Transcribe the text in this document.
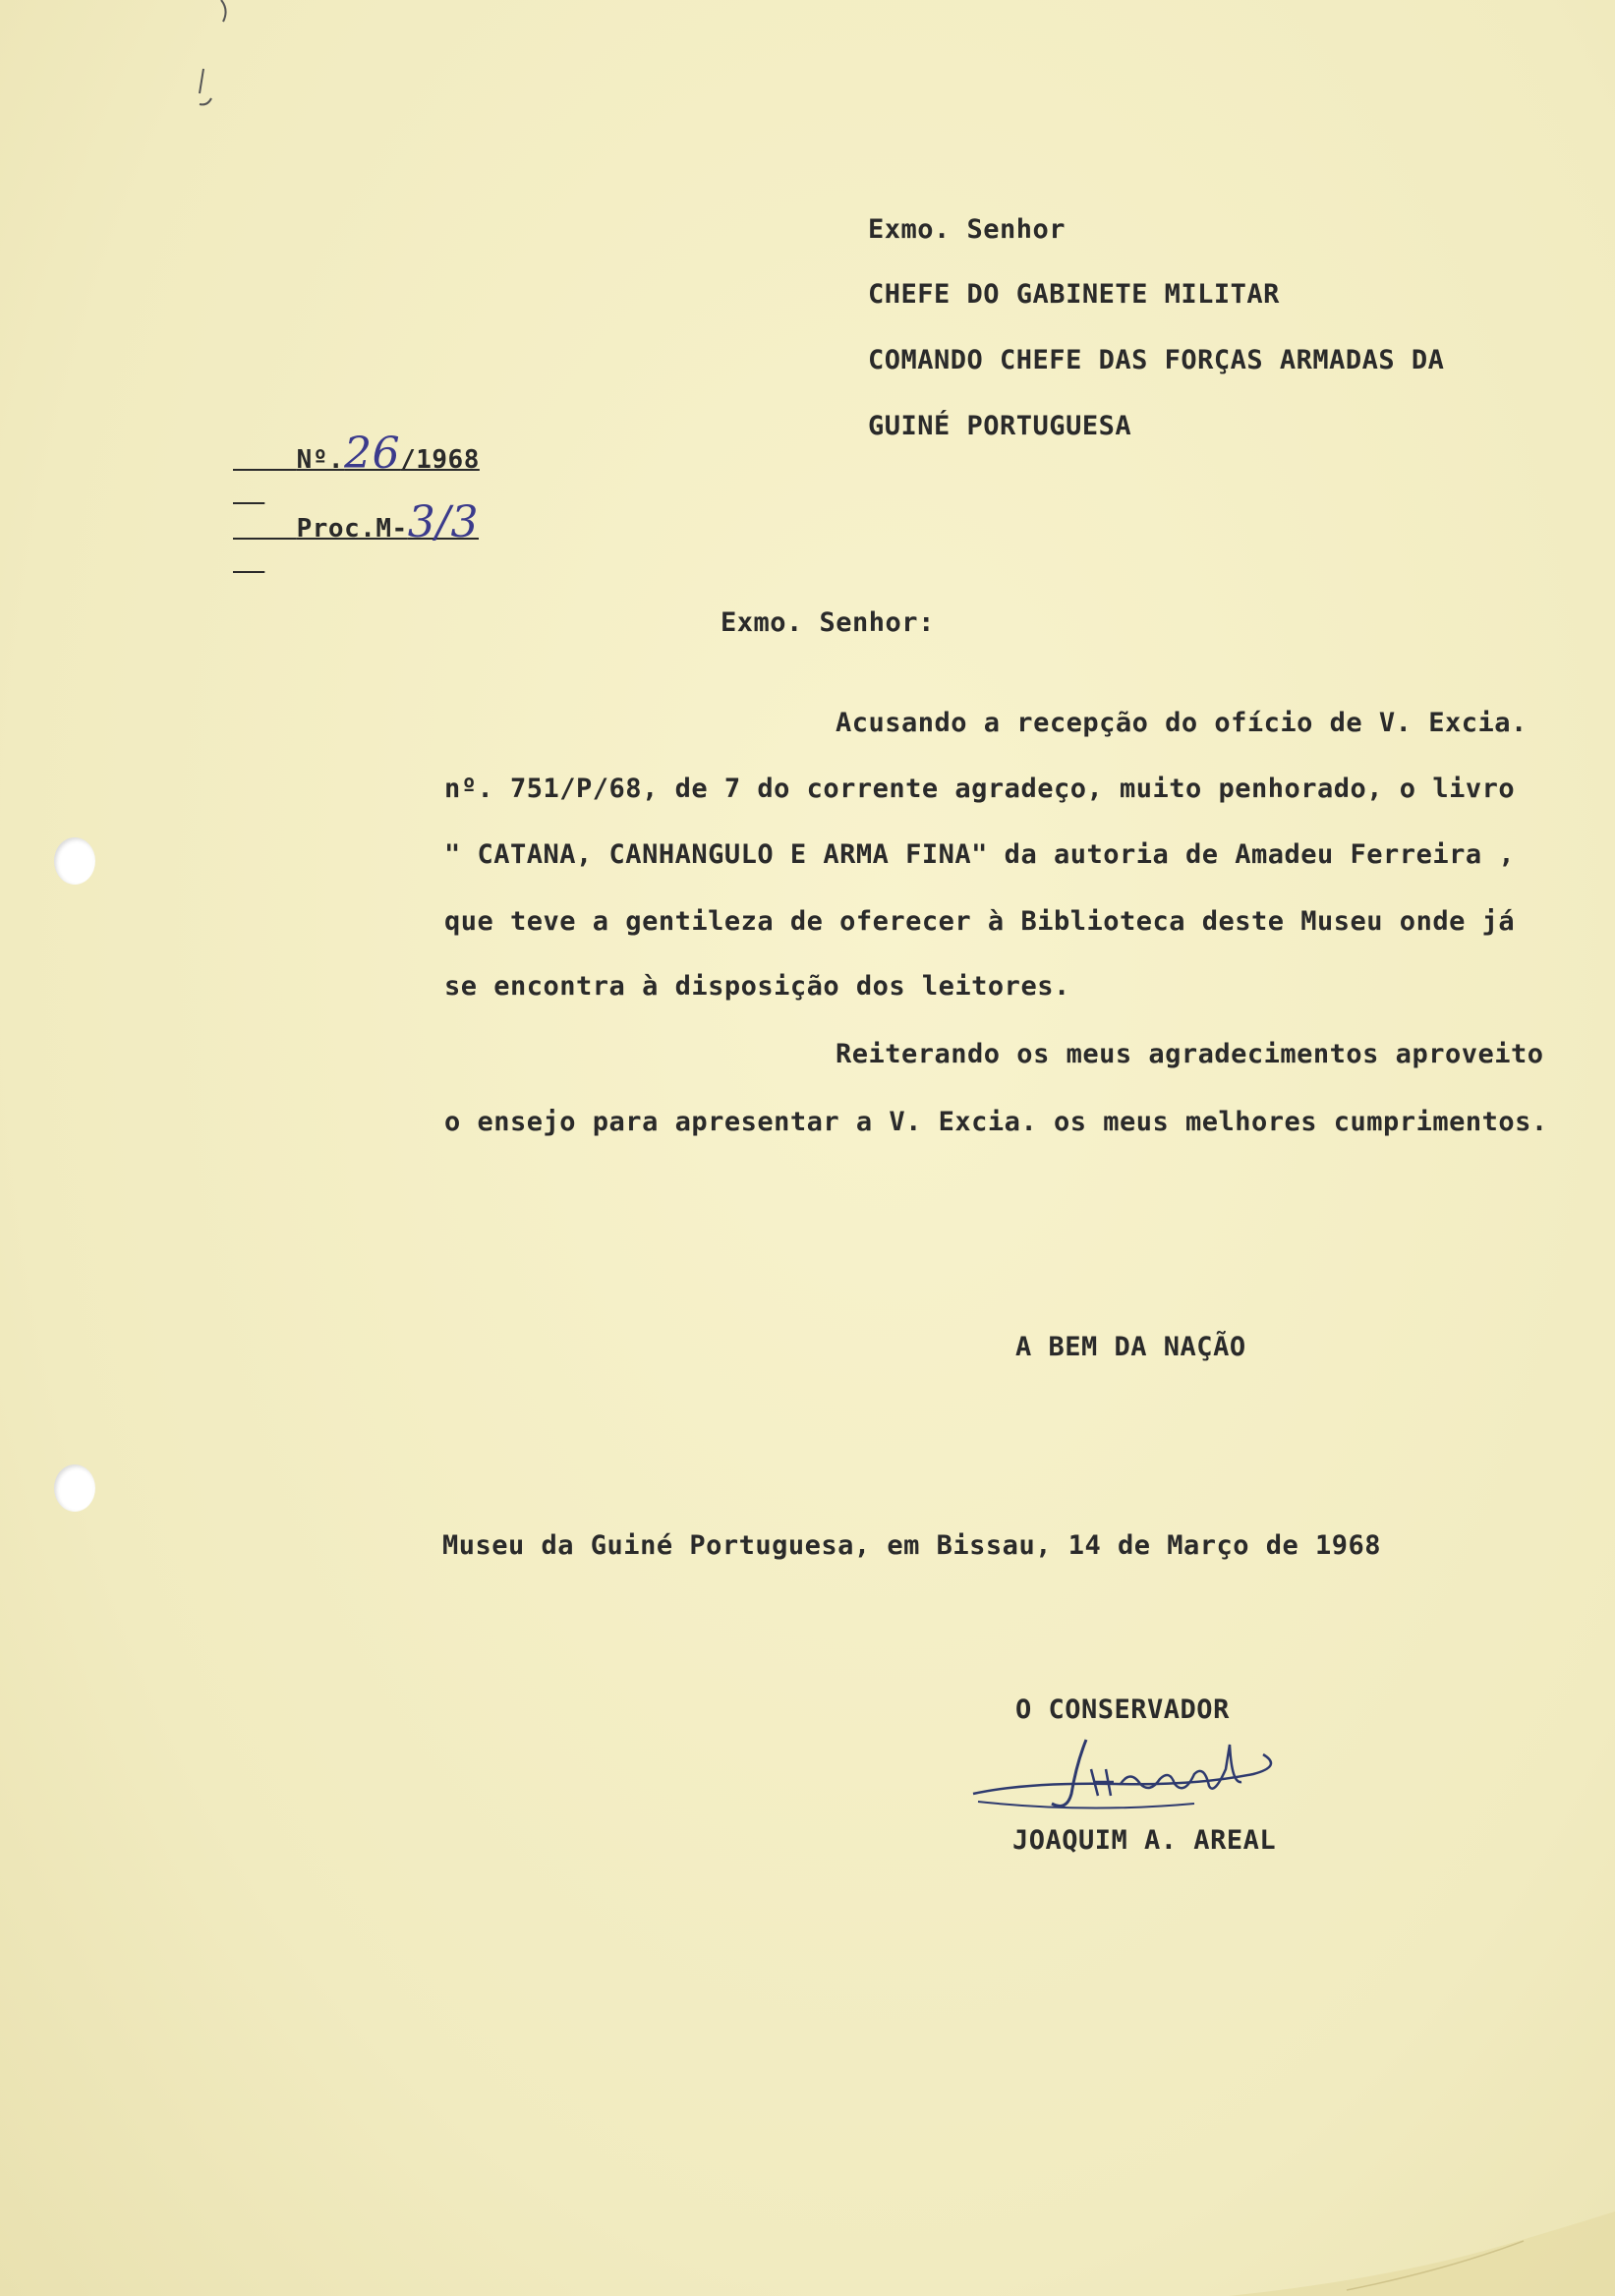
Exmo. Senhor
CHEFE DO GABINETE MILITAR
COMANDO CHEFE DAS FORÇAS ARMADAS DA
GUINÉ PORTUGUESA

Nº.26/1968

Proc.M-3/3

Exmo. Senhor:
Acusando a recepção do ofício de V. Excia.
nº. 751/P/68, de 7 do corrente agradeço, muito penhorado, o livro
" CATANA, CANHANGULO E ARMA FINA" da autoria de Amadeu Ferreira ,
que teve a gentileza de oferecer à Biblioteca deste Museu onde já
se encontra à disposição dos leitores.
Reiterando os meus agradecimentos aproveito
o ensejo para apresentar a V. Excia. os meus melhores cumprimentos.
A BEM DA NAÇÃO
Museu da Guiné Portuguesa, em Bissau, 14 de Março de 1968
O CONSERVADOR
JOAQUIM A. AREAL
